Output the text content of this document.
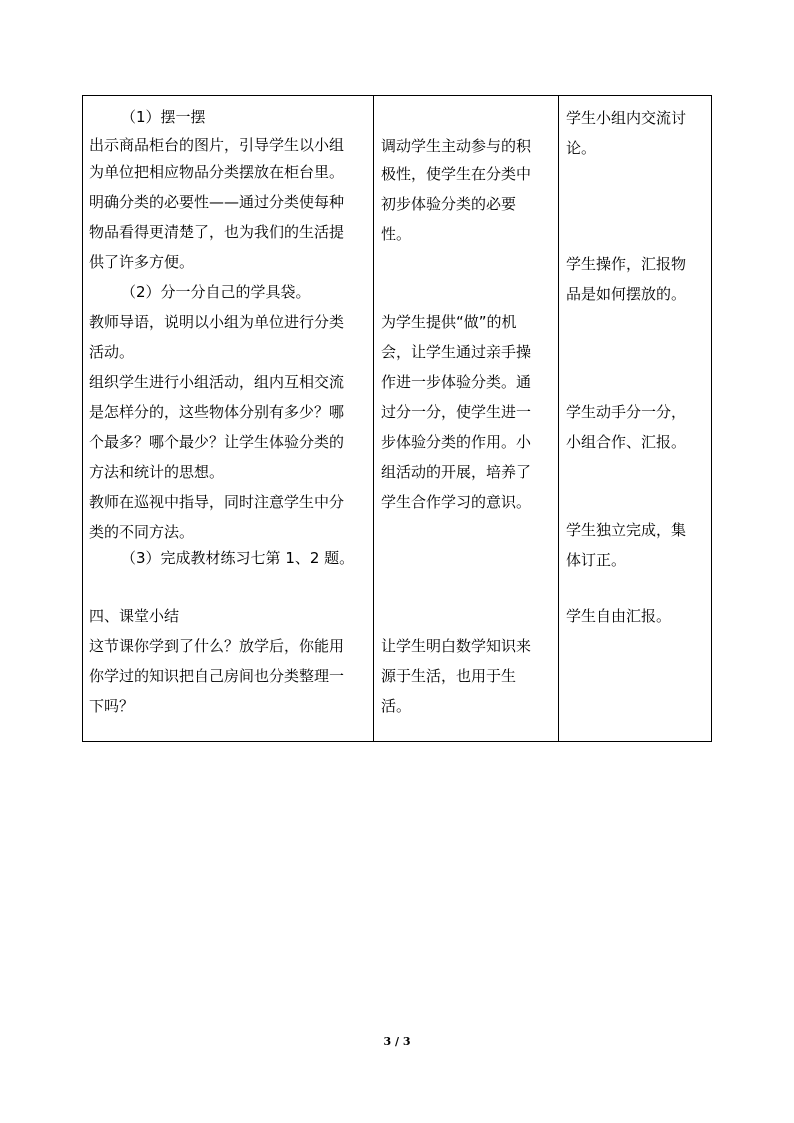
（1）摆一摆
出示商品柜台的图片，引导学生以小组
为单位把相应物品分类摆放在柜台里。
明确分类的必要性——通过分类使每种
物品看得更清楚了，也为我们的生活提
供了许多方便。
（2）分一分自己的学具袋。
教师导语，说明以小组为单位进行分类
活动。
组织学生进行小组活动，组内互相交流
是怎样分的，这些物体分别有多少？哪
个最多？哪个最少？让学生体验分类的
方法和统计的思想。
教师在巡视中指导，同时注意学生中分
类的不同方法。
（3）完成教材练习七第 1、2 题。
四、课堂小结
这节课你学到了什么？放学后，你能用
你学过的知识把自己房间也分类整理一
下吗？
调动学生主动参与的积
极性，使学生在分类中
初步体验分类的必要
性。
为学生提供“做”的机
会，让学生通过亲手操
作进一步体验分类。通
过分一分，使学生进一
步体验分类的作用。小
组活动的开展，培养了
学生合作学习的意识。
让学生明白数学知识来
源于生活，也用于生
活。
学生小组内交流讨
论。
学生操作，汇报物
品是如何摆放的。
学生动手分一分，
小组合作、汇报。
学生独立完成，集
体订正。
学生自由汇报。
3 / 3
